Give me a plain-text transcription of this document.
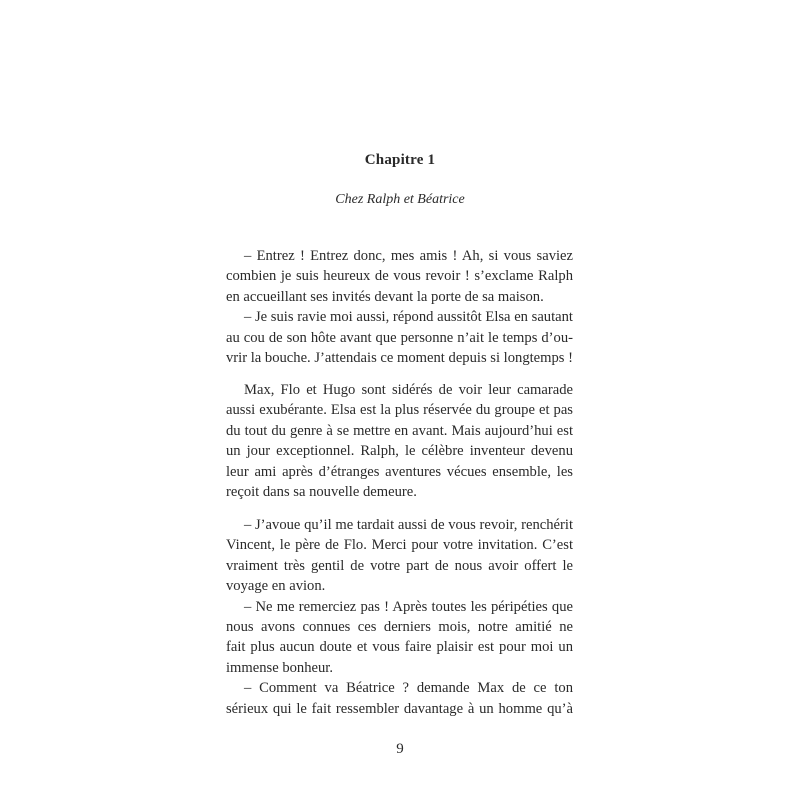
Chapitre 1
Chez Ralph et Béatrice
– Entrez ! Entrez donc, mes amis ! Ah, si vous saviez
combien je suis heureux de vous revoir ! s’exclame Ralph
en accueillant ses invités devant la porte de sa maison.
– Je suis ravie moi aussi, répond aussitôt Elsa en sautant
au cou de son hôte avant que personne n’ait le temps d’ou-
vrir la bouche. J’attendais ce moment depuis si longtemps !
Max, Flo et Hugo sont sidérés de voir leur camarade
aussi exubérante. Elsa est la plus réservée du groupe et pas
du tout du genre à se mettre en avant. Mais aujourd’hui est
un jour exceptionnel. Ralph, le célèbre inventeur devenu
leur ami après d’étranges aventures vécues ensemble, les
reçoit dans sa nouvelle demeure.
– J’avoue qu’il me tardait aussi de vous revoir, renchérit
Vincent, le père de Flo. Merci pour votre invitation. C’est
vraiment très gentil de votre part de nous avoir offert le
voyage en avion.
– Ne me remerciez pas ! Après toutes les péripéties que
nous avons connues ces derniers mois, notre amitié ne
fait plus aucun doute et vous faire plaisir est pour moi un
immense bonheur.
– Comment va Béatrice ? demande Max de ce ton
sérieux qui le fait ressembler davantage à un homme qu’à
9
